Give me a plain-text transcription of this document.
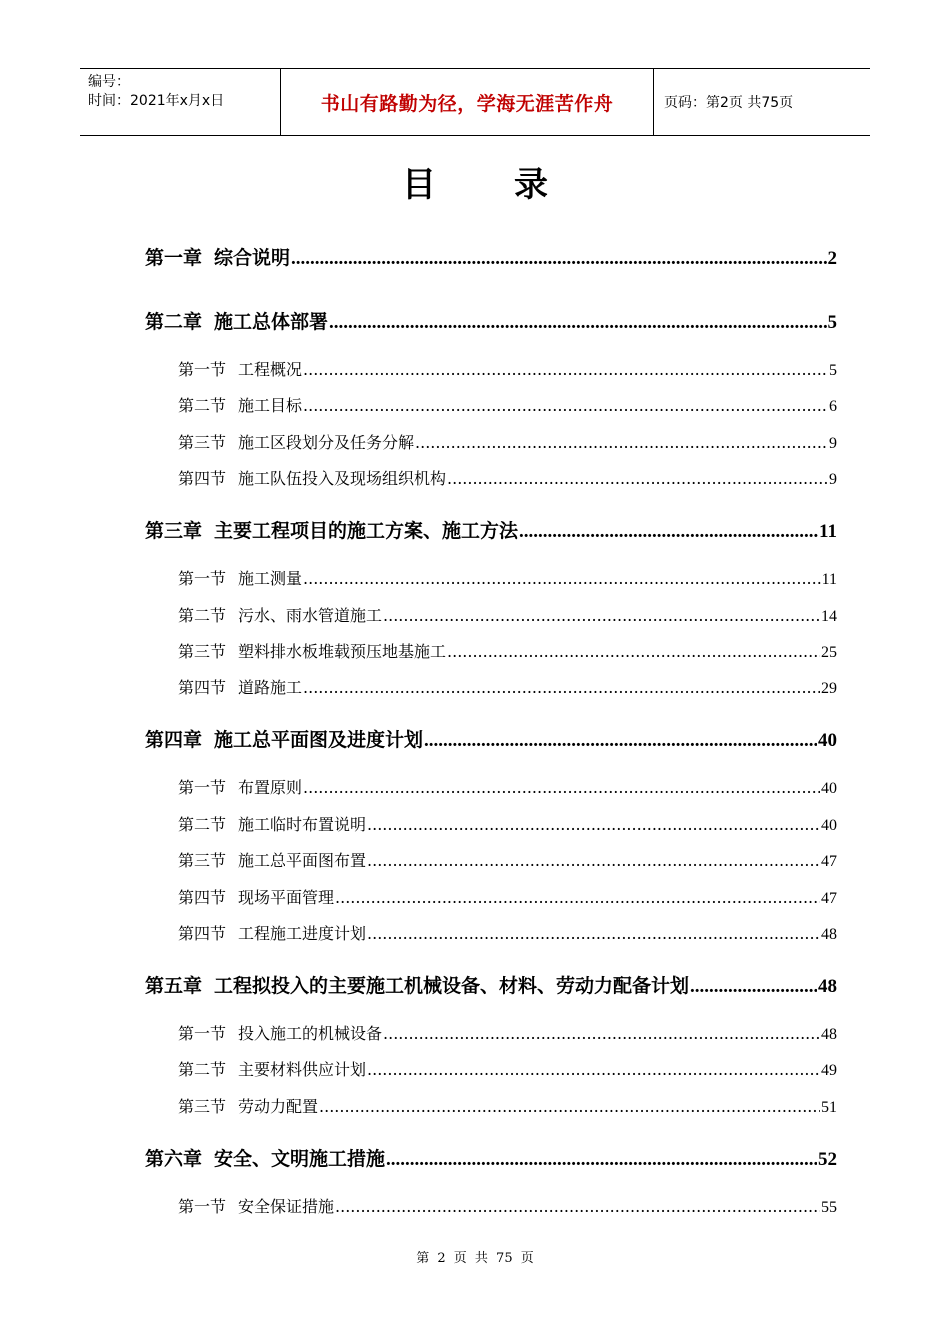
编号：
时间：2021年x月x日	书山有路勤为径，学海无涯苦作舟	页码：第2页 共75页
目录
第一章 综合说明 .....	2
第二章 施工总体部署 .....	5
第一节 工程概况 .....	5
第二节 施工目标 .....	6
第三节 施工区段划分及任务分解 .....	9
第四节 施工队伍投入及现场组织机构 .....	9
第三章 主要工程项目的施工方案、施工方法 .....	11
第一节 施工测量 .....	11
第二节 污水、雨水管道施工 .....	14
第三节 塑料排水板堆载预压地基施工 .....	25
第四节 道路施工 .....	29
第四章 施工总平面图及进度计划 .....	40
第一节 布置原则 .....	40
第二节 施工临时布置说明 .....	40
第三节 施工总平面图布置 .....	47
第四节 现场平面管理 .....	47
第四节 工程施工进度计划 .....	48
第五章 工程拟投入的主要施工机械设备、材料、劳动力配备计划 .....	48
第一节 投入施工的机械设备 .....	48
第二节 主要材料供应计划 .....	49
第三节 劳动力配置 .....	51
第六章 安全、文明施工措施 .....	52
第一节 安全保证措施 .....	55
第 2 页 共 75 页
